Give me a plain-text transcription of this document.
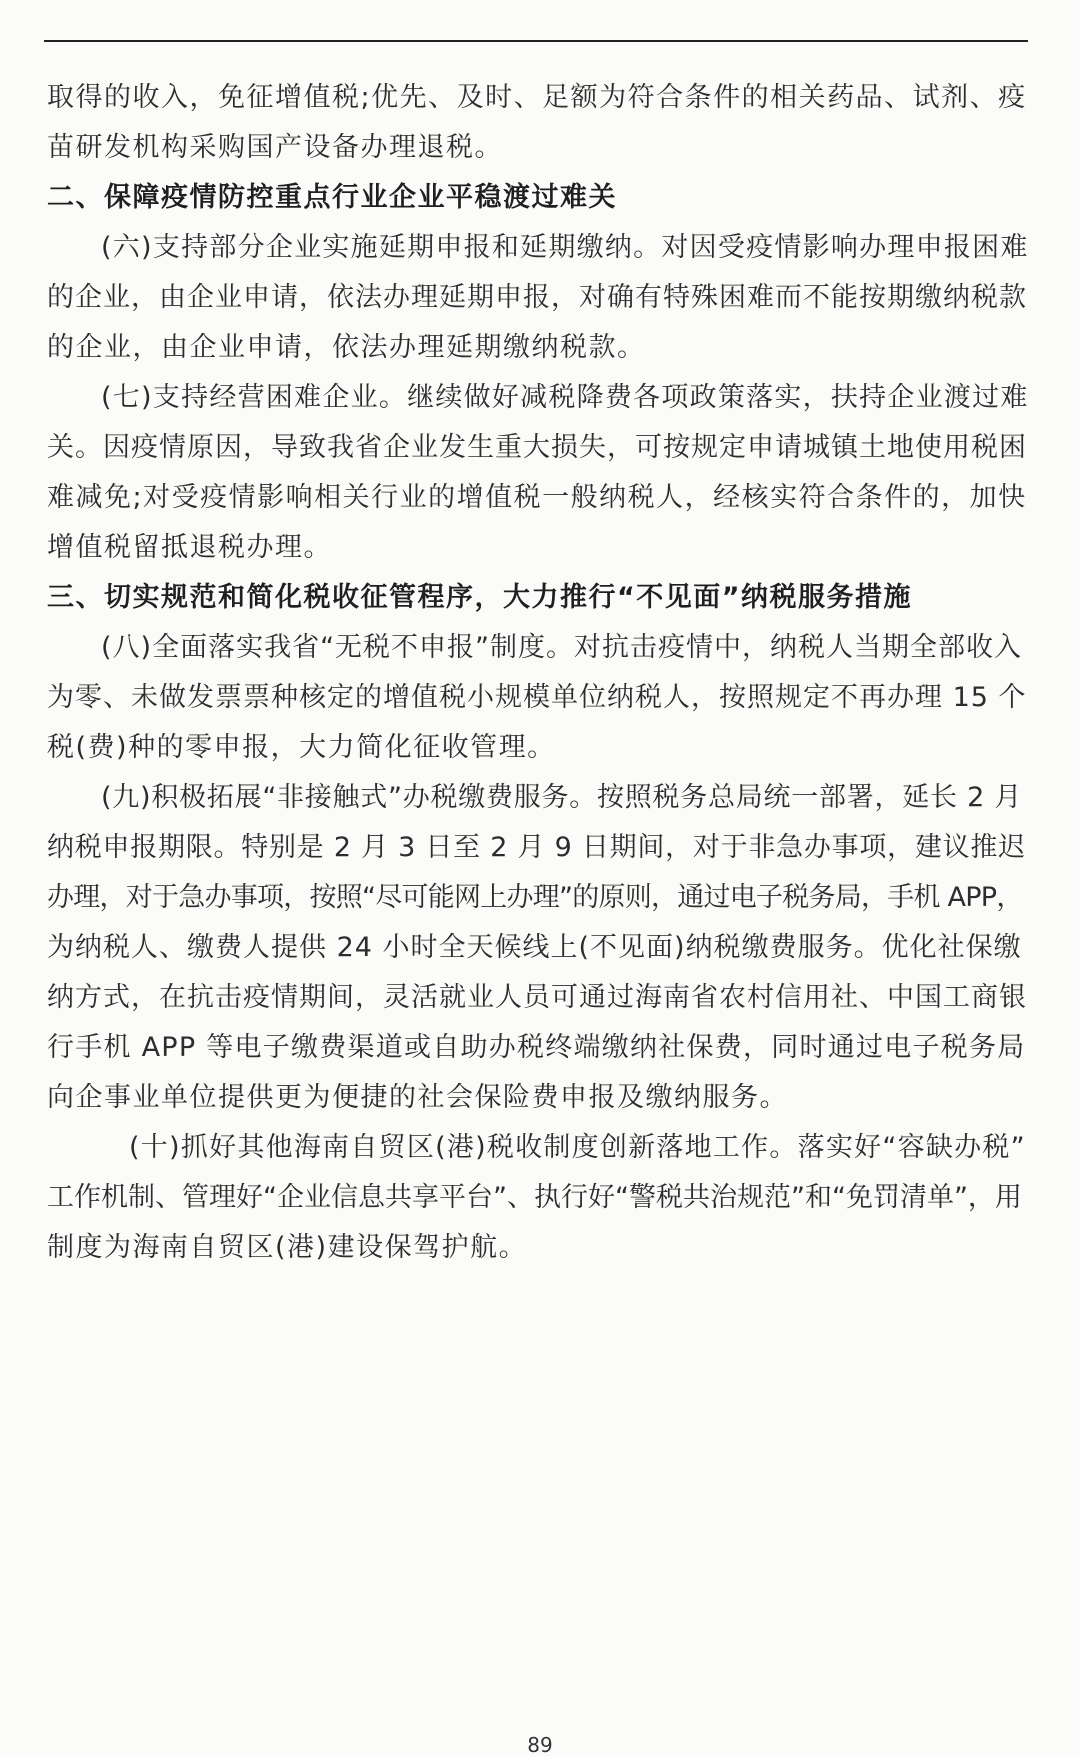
取得的收入，免征增值税;优先、及时、足额为符合条件的相关药品、试剂、疫

苗研发机构采购国产设备办理退税。

二、保障疫情防控重点行业企业平稳渡过难关

(六)支持部分企业实施延期申报和延期缴纳。对因受疫情影响办理申报困难

的企业，由企业申请，依法办理延期申报，对确有特殊困难而不能按期缴纳税款

的企业，由企业申请，依法办理延期缴纳税款。

(七)支持经营困难企业。继续做好减税降费各项政策落实，扶持企业渡过难

关。因疫情原因，导致我省企业发生重大损失，可按规定申请城镇土地使用税困

难减免;对受疫情影响相关行业的增值税一般纳税人，经核实符合条件的，加快

增值税留抵退税办理。

三、切实规范和简化税收征管程序，大力推行“不见面”纳税服务措施

(八)全面落实我省“无税不申报”制度。对抗击疫情中，纳税人当期全部收入

为零、未做发票票种核定的增值税小规模单位纳税人，按照规定不再办理 15 个

税(费)种的零申报，大力简化征收管理。

(九)积极拓展“非接触式”办税缴费服务。按照税务总局统一部署，延长 2 月

纳税申报期限。特别是 2 月 3 日至 2 月 9 日期间，对于非急办事项，建议推迟

办理，对于急办事项，按照“尽可能网上办理”的原则，通过电子税务局，手机 APP，

为纳税人、缴费人提供 24 小时全天候线上(不见面)纳税缴费服务。优化社保缴

纳方式，在抗击疫情期间，灵活就业人员可通过海南省农村信用社、中国工商银

行手机 APP 等电子缴费渠道或自助办税终端缴纳社保费，同时通过电子税务局

向企事业单位提供更为便捷的社会保险费申报及缴纳服务。

(十)抓好其他海南自贸区(港)税收制度创新落地工作。落实好“容缺办税”

工作机制、管理好“企业信息共享平台”、执行好“警税共治规范”和“免罚清单”，用

制度为海南自贸区(港)建设保驾护航。

89
